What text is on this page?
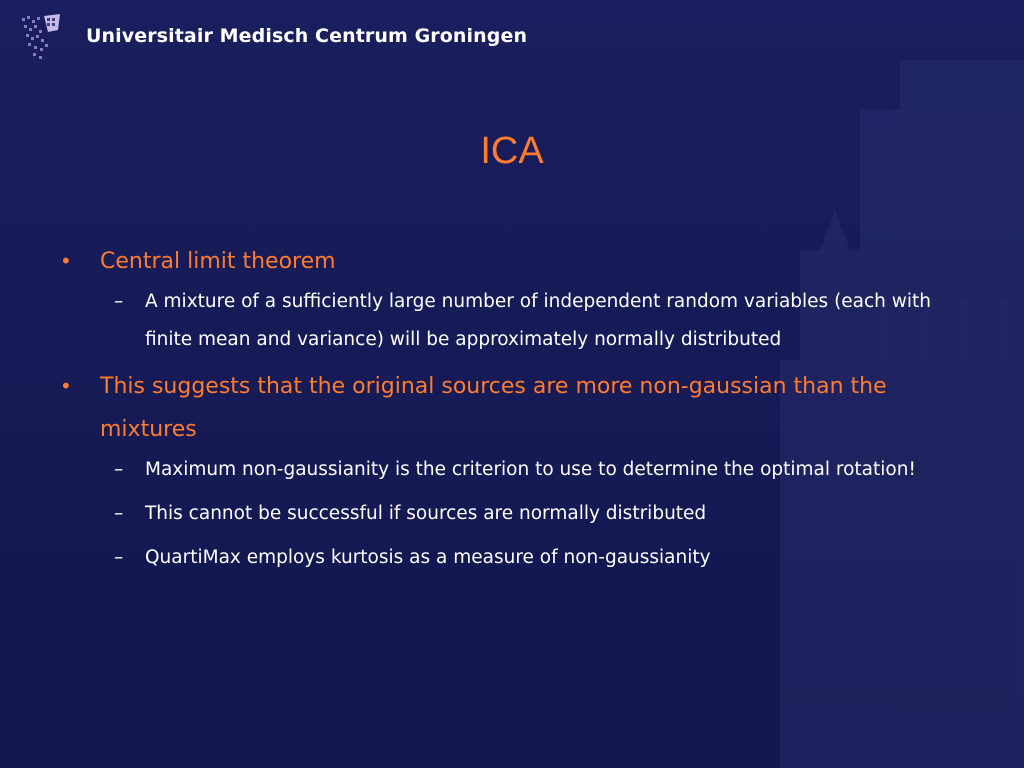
Universitair Medisch Centrum Groningen
ICA
• Central limit theorem
– A mixture of a sufficiently large number of independent random variables (each with finite mean and variance) will be approximately normally distributed
• This suggests that the original sources are more non-gaussian than the mixtures
– Maximum non-gaussianity is the criterion to use to determine the optimal rotation!
– This cannot be successful if sources are normally distributed
– QuartiMax employs kurtosis as a measure of non-gaussianity
